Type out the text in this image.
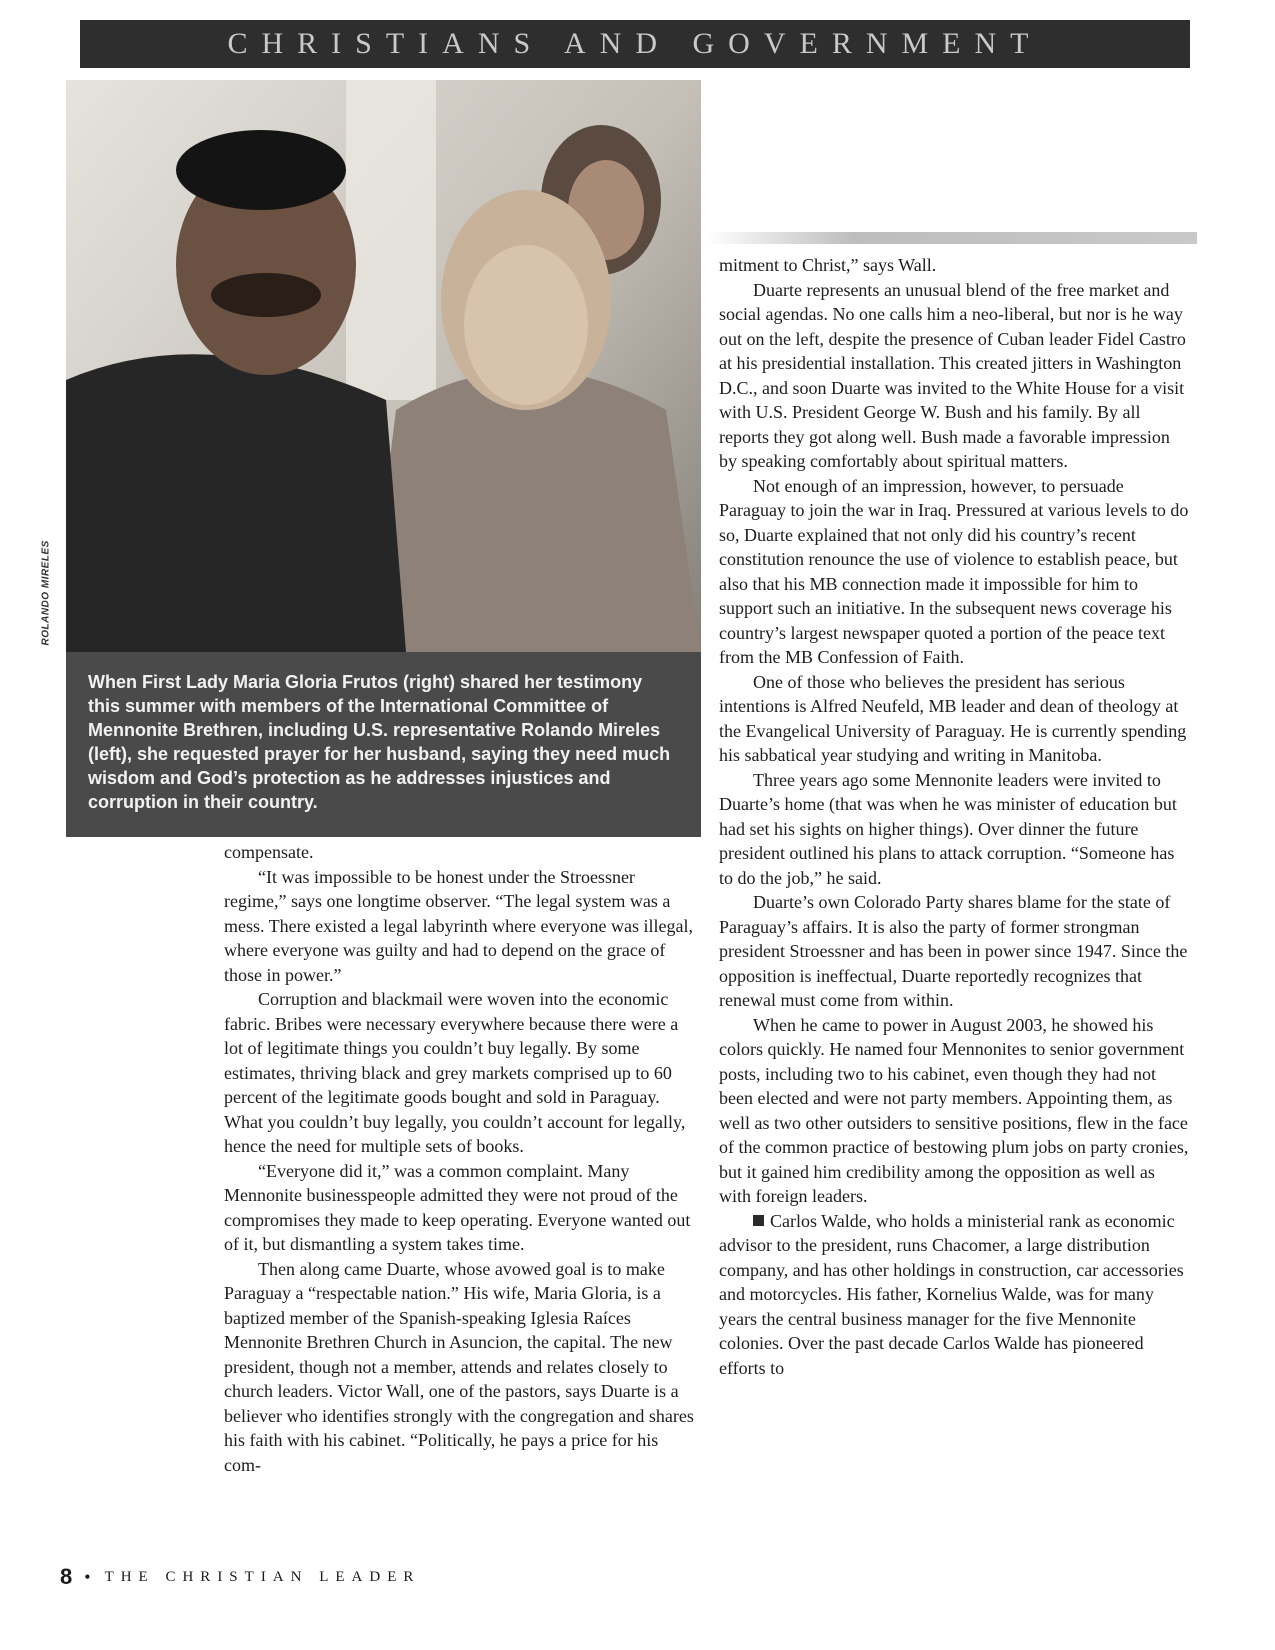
CHRISTIANS AND GOVERNMENT
ROLANDO MIRELES
When First Lady Maria Gloria Frutos (right) shared her testimony this summer with members of the International Committee of Mennonite Brethren, including U.S. representative Rolando Mireles (left), she requested prayer for her husband, saying they need much wisdom and God’s protection as he addresses injustices and corruption in their country.

compensate.

“It was impossible to be honest under the Stroessner regime,” says one longtime observer. “The legal system was a mess. There existed a legal labyrinth where everyone was illegal, where everyone was guilty and had to depend on the grace of those in power.”

Corruption and blackmail were woven into the economic fabric. Bribes were necessary everywhere because there were a lot of legitimate things you couldn’t buy legally. By some estimates, thriving black and grey markets comprised up to 60 percent of the legitimate goods bought and sold in Paraguay. What you couldn’t buy legally, you couldn’t account for legally, hence the need for multiple sets of books.

“Everyone did it,” was a common complaint. Many Mennonite businesspeople admitted they were not proud of the compromises they made to keep operating. Everyone wanted out of it, but dismantling a system takes time.

Then along came Duarte, whose avowed goal is to make Paraguay a “respectable nation.” His wife, Maria Gloria, is a baptized member of the Spanish-speaking Iglesia Raíces Mennonite Brethren Church in Asuncion, the capital. The new president, though not a member, attends and relates closely to church leaders. Victor Wall, one of the pastors, says Duarte is a believer who identifies strongly with the congregation and shares his faith with his cabinet. “Politically, he pays a price for his com-

mitment to Christ,” says Wall.

Duarte represents an unusual blend of the free market and social agendas. No one calls him a neo-liberal, but nor is he way out on the left, despite the presence of Cuban leader Fidel Castro at his presidential installation. This created jitters in Washington D.C., and soon Duarte was invited to the White House for a visit with U.S. President George W. Bush and his family. By all reports they got along well. Bush made a favorable impression by speaking comfortably about spiritual matters.

Not enough of an impression, however, to persuade Paraguay to join the war in Iraq. Pressured at various levels to do so, Duarte explained that not only did his country’s recent constitution renounce the use of violence to establish peace, but also that his MB connection made it impossible for him to support such an initiative. In the subsequent news coverage his country’s largest newspaper quoted a portion of the peace text from the MB Confession of Faith.

One of those who believes the president has serious intentions is Alfred Neufeld, MB leader and dean of theology at the Evangelical University of Paraguay. He is currently spending his sabbatical year studying and writing in Manitoba.

Three years ago some Mennonite leaders were invited to Duarte’s home (that was when he was minister of education but had set his sights on higher things). Over dinner the future president outlined his plans to attack corruption. “Someone has to do the job,” he said.

Duarte’s own Colorado Party shares blame for the state of Paraguay’s affairs. It is also the party of former strongman president Stroessner and has been in power since 1947. Since the opposition is ineffectual, Duarte reportedly recognizes that renewal must come from within.

When he came to power in August 2003, he showed his colors quickly. He named four Mennonites to senior government posts, including two to his cabinet, even though they had not been elected and were not party members. Appointing them, as well as two other outsiders to sensitive positions, flew in the face of the common practice of bestowing plum jobs on party cronies, but it gained him credibility among the opposition as well as with foreign leaders.

Carlos Walde, who holds a ministerial rank as economic advisor to the president, runs Chacomer, a large distribution company, and has other holdings in construction, car accessories and motorcycles. His father, Kornelius Walde, was for many years the central business manager for the five Mennonite colonies. Over the past decade Carlos Walde has pioneered efforts to

8 • THE CHRISTIAN LEADER
